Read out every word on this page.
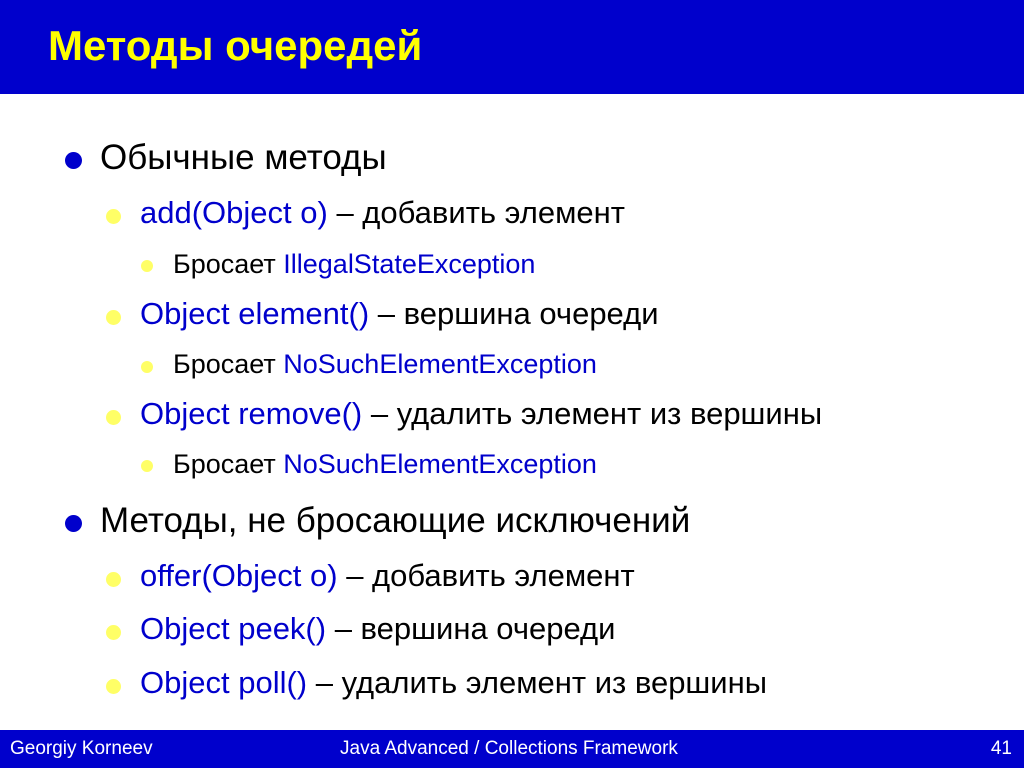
Методы очередей
Обычные методы
add(Object o) – добавить элемент
Бросает IllegalStateException
Object element() – вершина очереди
Бросает NoSuchElementException
Object remove() – удалить элемент из вершины
Бросает NoSuchElementException
Методы, не бросающие исключений
offer(Object o) – добавить элемент
Object peek() – вершина очереди
Object poll() – удалить элемент из вершины
Georgiy Korneev	Java Advanced / Collections Framework	41
